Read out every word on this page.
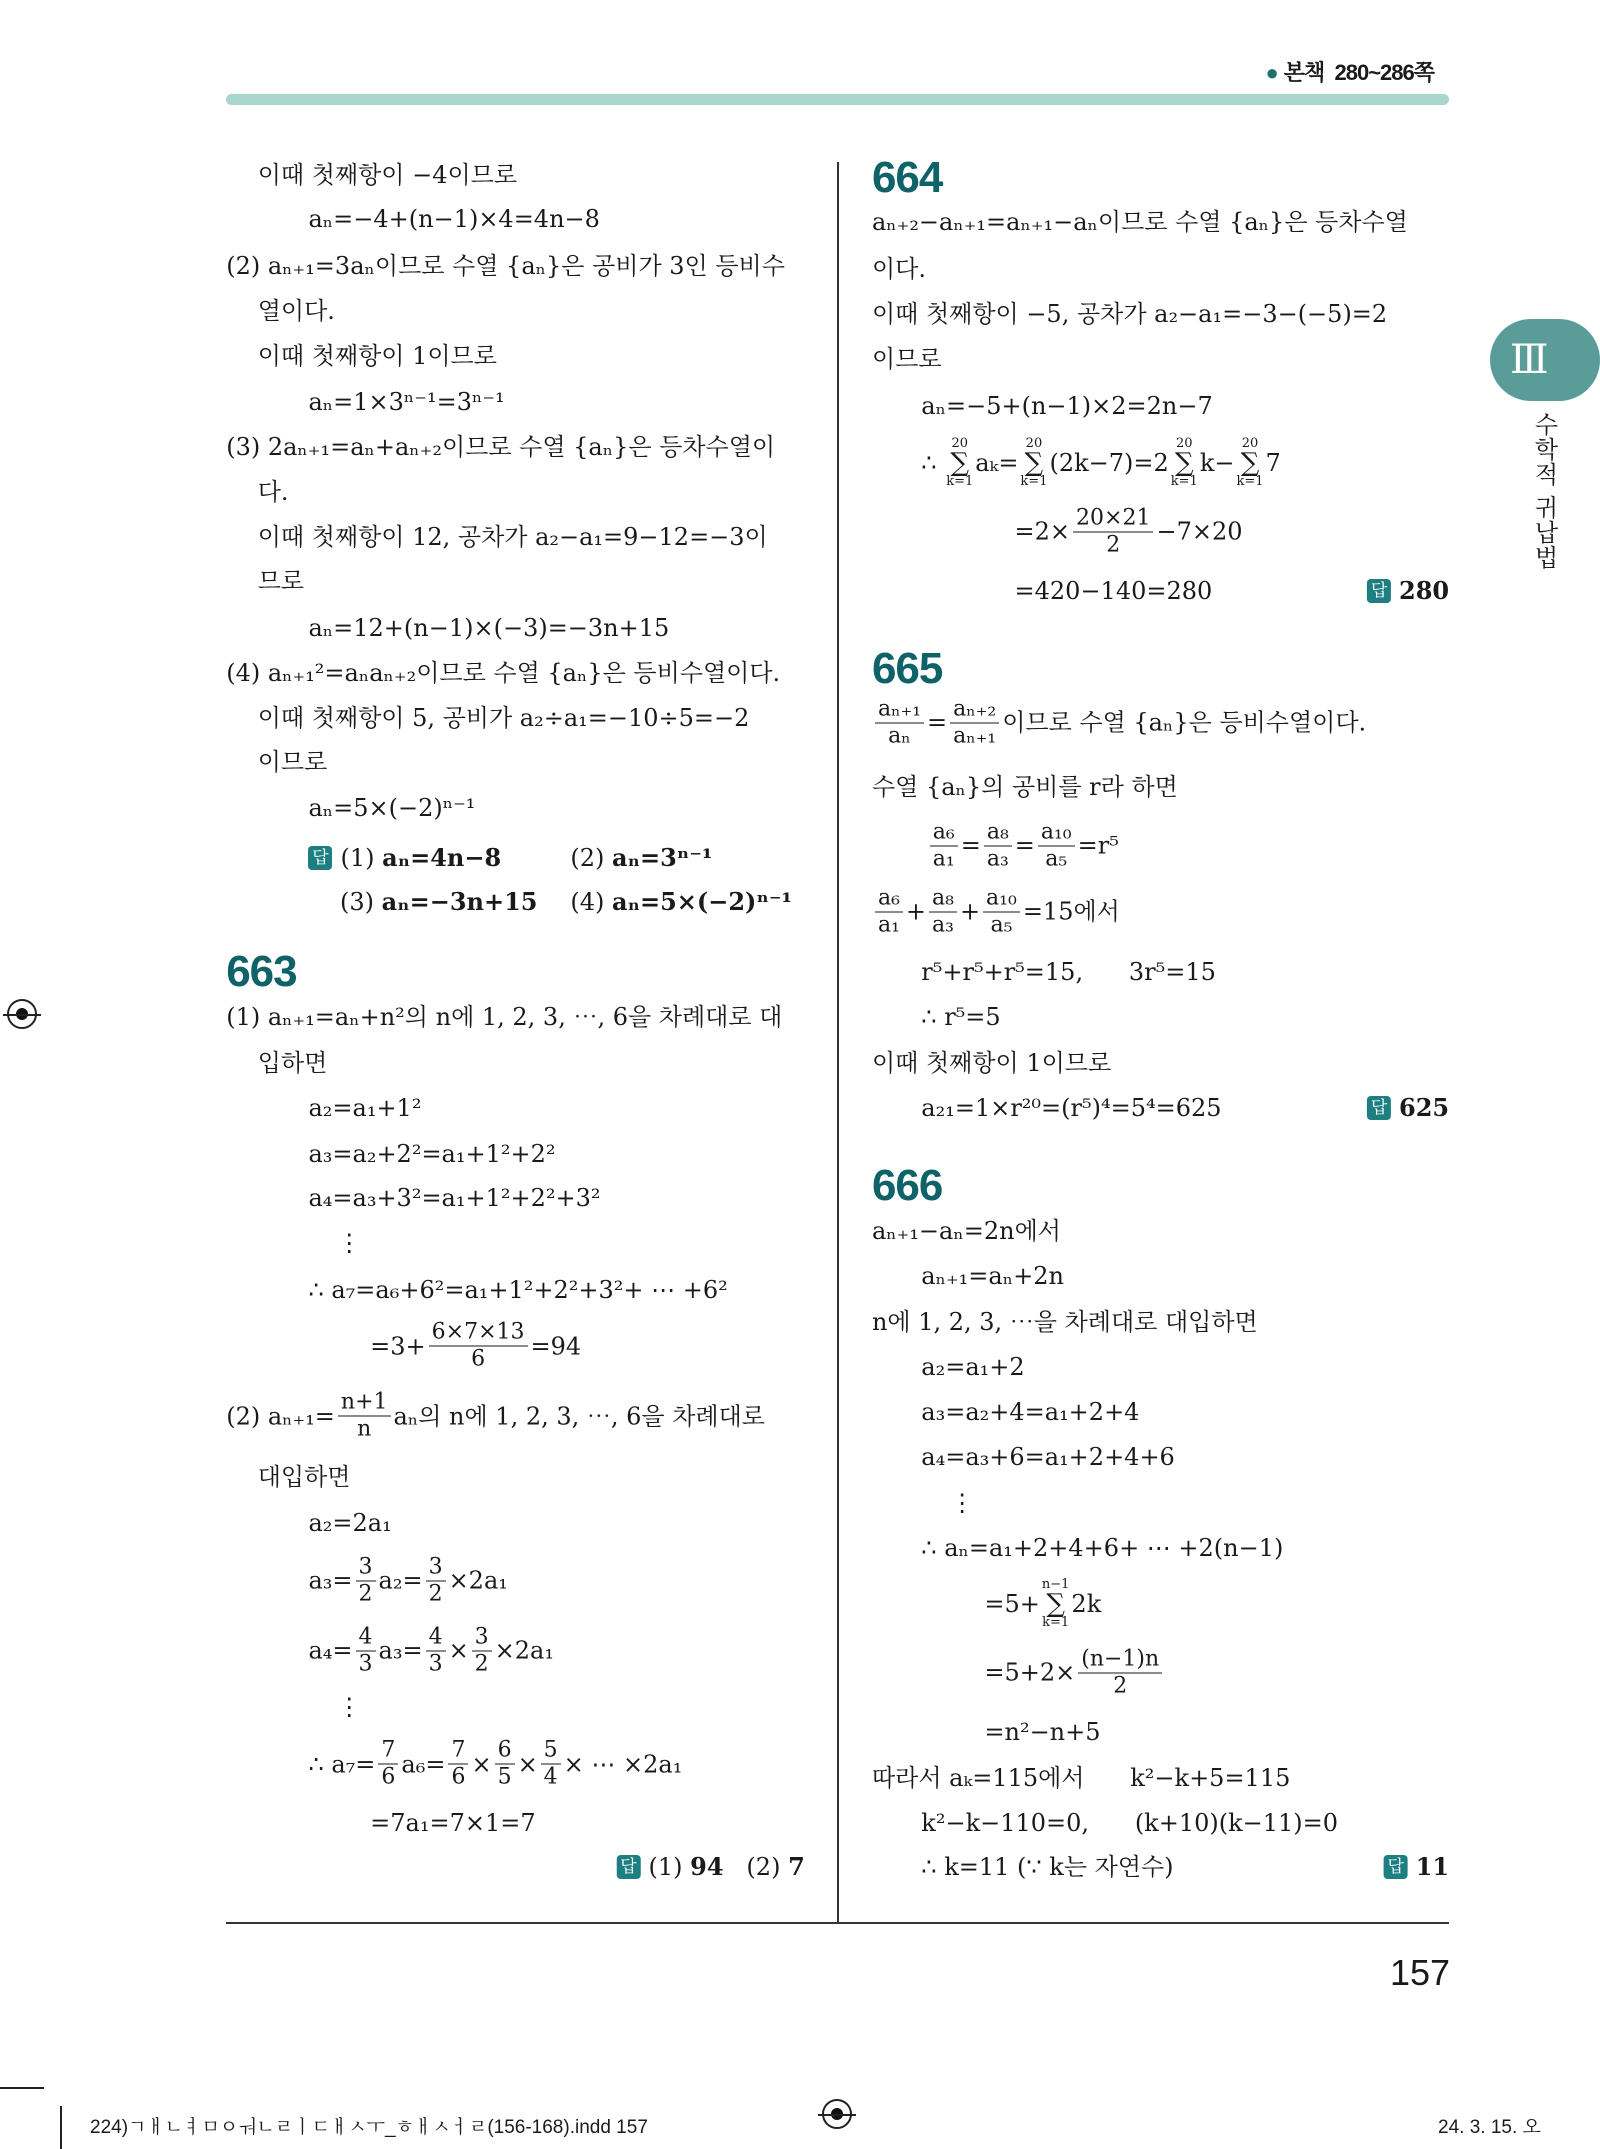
● 본책 280~286쪽
Ⅲ
수학적 귀납법
157
224)ㄱㅐㄴㅕㅁㅇㅝㄴㄹㅣㄷㅐㅅㅜ_ㅎㅐㅅㅓㄹ(156-168).indd 157	24. 3. 15. 오
이때 첫째항이 −4이므로
aₙ=−4+(n−1)×4=4n−8
(2) aₙ₊₁=3aₙ이므로 수열 {aₙ}은 공비가 3인 등비수
열이다.
이때 첫째항이 1이므로
aₙ=1×3ⁿ⁻¹=3ⁿ⁻¹
(3) 2aₙ₊₁=aₙ+aₙ₊₂이므로 수열 {aₙ}은 등차수열이
다.
이때 첫째항이 12, 공차가 a₂−a₁=9−12=−3이
므로
aₙ=12+(n−1)×(−3)=−3n+15
(4) aₙ₊₁²=aₙaₙ₊₂이므로 수열 {aₙ}은 등비수열이다.
이때 첫째항이 5, 공비가 a₂÷a₁=−10÷5=−2
이므로
aₙ=5×(−2)ⁿ⁻¹
답 (1) aₙ=4n−8	(2) aₙ=3ⁿ⁻¹
(3) aₙ=−3n+15 (4) aₙ=5×(−2)ⁿ⁻¹
663
(1) aₙ₊₁=aₙ+n²의 n에 1, 2, 3, ⋯, 6을 차례대로 대
입하면
a₂=a₁+1²
a₃=a₂+2²=a₁+1²+2²
a₄=a₃+3²=a₁+1²+2²+3²
⋮
∴ a₇=a₆+6²=a₁+1²+2²+3²+ ⋯ +6²
$=3+ \frac{6\times 7\times 13}{6} =94$
(2) $a_{n+1}= \frac{n+1}{n}$ aₙ의 n에 1, 2, 3, ⋯, 6을 차례대로
대입하면
a₂=2a₁
$a_3= \frac{3}{2} a_2= \frac{3}{2} \times 2a_1$
$a_4= \frac{4}{3} a_3= \frac{4}{3} \times \frac{3}{2} \times 2a_1$
⋮
∴ $a_7= \frac{7}{6} a_6= \frac{7}{6} \times \frac{6}{5} \times \frac{5}{4}$ × ⋯ ×2a₁
=7a₁=7×1=7
답 (1) 94 (2) 7
664
aₙ₊₂−aₙ₊₁=aₙ₊₁−aₙ이므로 수열 {aₙ}은 등차수열
이다.
이때 첫째항이 −5, 공차가 a₂−a₁=−3−(−5)=2
이므로
aₙ=−5+(n−1)×2=2n−7
∴
20
∑
k=1
aₖ=
20
∑
k=1
(2k−7)=2
20
∑
k=1
k−
20
∑
k=1
7
$=2\times \frac{20\times 21}{2} -7\times 20$
=420−140=280	답 280
665
$\frac{\text{aₙ₊₁}}{\text{aₙ}} = \frac{\text{aₙ₊₂}}{\text{aₙ₊₁}}$ 이므로 수열 {aₙ}은 등비수열이다.
수열 {aₙ}의 공비를 r라 하면
$\frac{\text{a₆}}{\text{a₁}} = \frac{\text{a₈}}{\text{a₃}} = \frac{\text{a₁₀}}{\text{a₅}} =r^5$
$\frac{\text{a₆}}{\text{a₁}} + \frac{\text{a₈}}{\text{a₃}} + \frac{\text{a₁₀}}{\text{a₅}} =15$에서
r⁵+r⁵+r⁵=15,      3r⁵=15
∴ r⁵=5
이때 첫째항이 1이므로
a₂₁=1×r²⁰=(r⁵)⁴=5⁴=625	답 625
666
aₙ₊₁−aₙ=2n에서
aₙ₊₁=aₙ+2n
n에 1, 2, 3, ⋯을 차례대로 대입하면
a₂=a₁+2
a₃=a₂+4=a₁+2+4
a₄=a₃+6=a₁+2+4+6
⋮
∴ aₙ=a₁+2+4+6+ ⋯ +2(n−1)
=5+
n−1
∑
k=1
2k
$=5+2\times \frac{(n-1)n}{2}$
=n²−n+5
따라서 aₖ=115에서      k²−k+5=115
k²−k−110=0,      (k+10)(k−11)=0
∴ k=11 (∵ k는 자연수)	답 11
